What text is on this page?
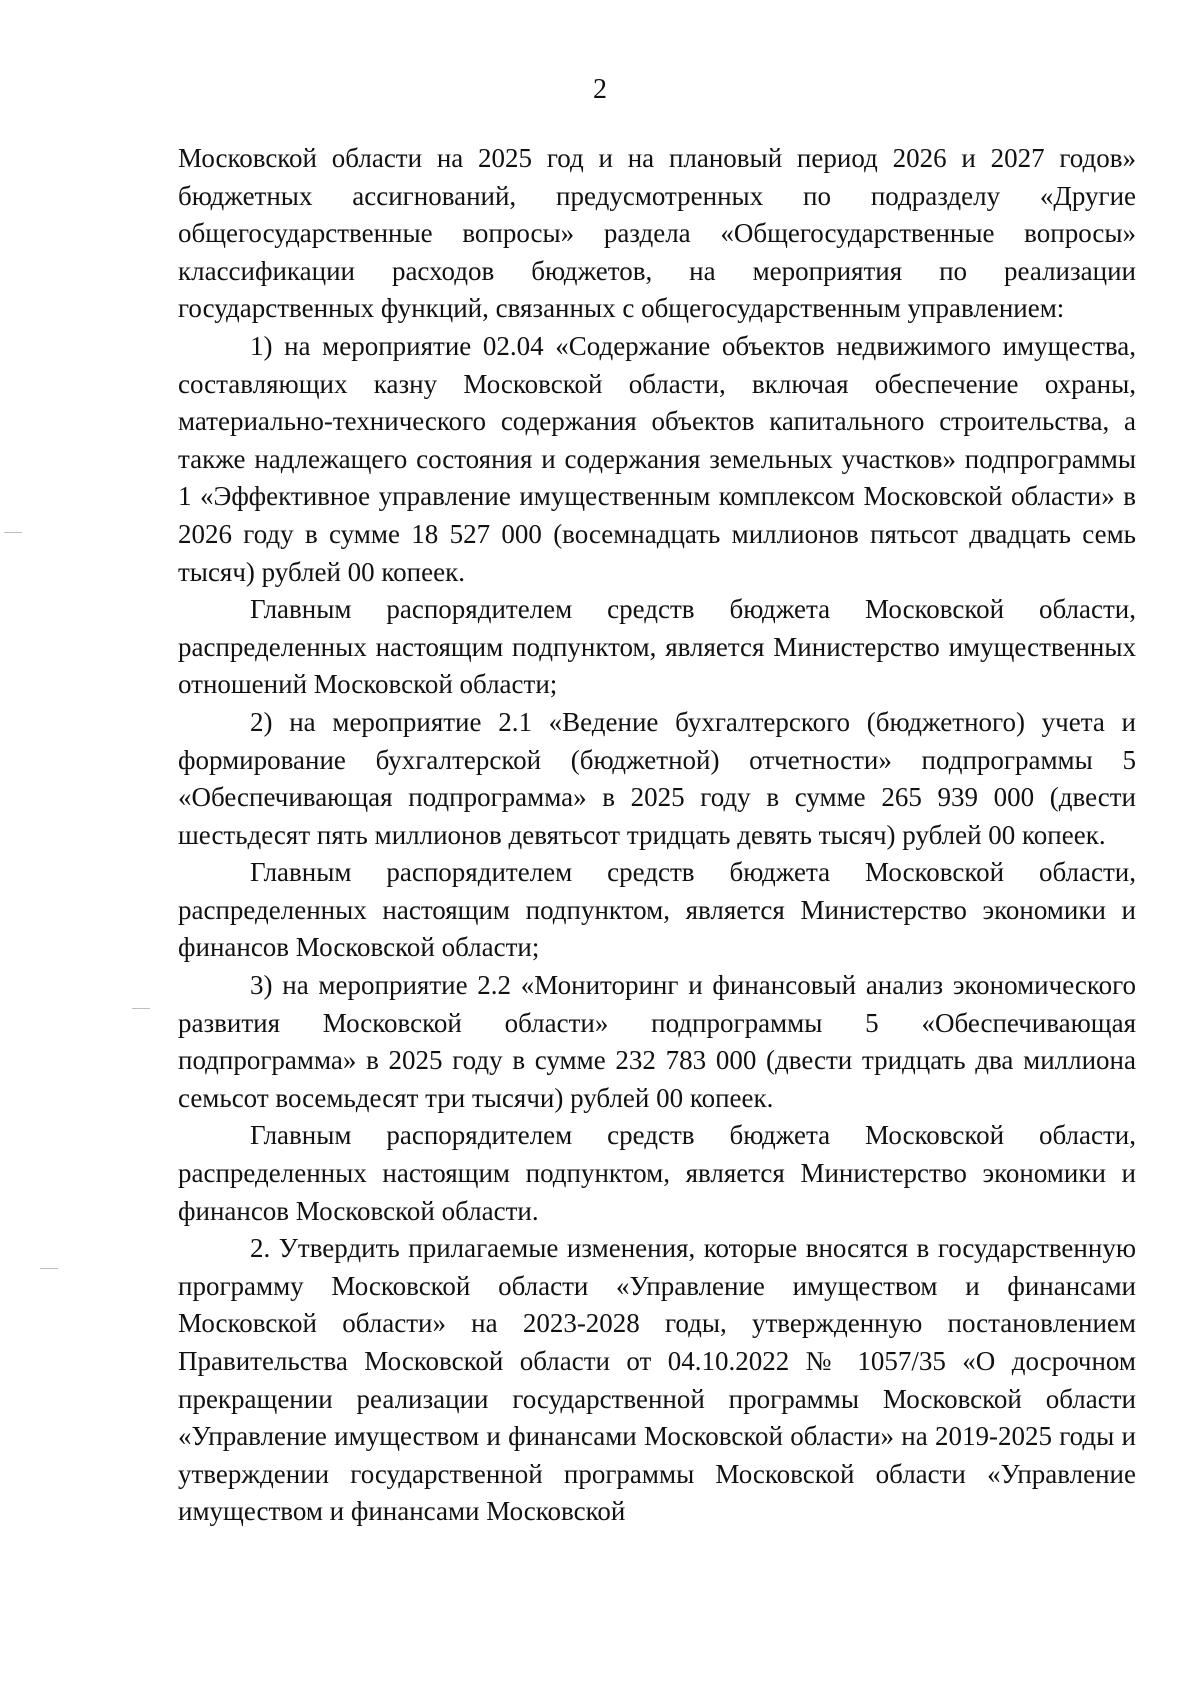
2

Московской области на 2025 год и на плановый период 2026 и 2027 годов» бюджетных ассигнований, предусмотренных по подразделу «Другие общегосударственные вопросы» раздела «Общегосударственные вопросы» классификации расходов бюджетов, на мероприятия по реализации государственных функций, связанных с общегосударственным управлением:

1) на мероприятие 02.04 «Содержание объектов недвижимого имущества, составляющих казну Московской области, включая обеспечение охраны, материально-технического содержания объектов капитального строительства, а также надлежащего состояния и содержания земельных участков» подпрограммы 1 «Эффективное управление имущественным комплексом Московской области» в 2026 году в сумме 18 527 000 (восемнадцать миллионов пятьсот двадцать семь тысяч) рублей 00 копеек.

Главным распорядителем средств бюджета Московской области, распределенных настоящим подпунктом, является Министерство имущественных отношений Московской области;

2) на мероприятие 2.1 «Ведение бухгалтерского (бюджетного) учета и формирование бухгалтерской (бюджетной) отчетности» подпрограммы 5 «Обеспечивающая подпрограмма» в 2025 году в сумме 265 939 000 (двести шестьдесят пять миллионов девятьсот тридцать девять тысяч) рублей 00 копеек.

Главным распорядителем средств бюджета Московской области, распределенных настоящим подпунктом, является Министерство экономики и финансов Московской области;

3) на мероприятие 2.2 «Мониторинг и финансовый анализ экономического развития Московской области» подпрограммы 5 «Обеспечивающая подпрограмма» в 2025 году в сумме 232 783 000 (двести тридцать два миллиона семьсот восемьдесят три тысячи) рублей 00 копеек.

Главным распорядителем средств бюджета Московской области, распределенных настоящим подпунктом, является Министерство экономики и финансов Московской области.

2. Утвердить прилагаемые изменения, которые вносятся в государственную программу Московской области «Управление имуществом и финансами Московской области» на 2023-2028 годы, утвержденную постановлением Правительства Московской области от 04.10.2022 № 1057/35 «О досрочном прекращении реализации государственной программы Московской области «Управление имуществом и финансами Московской области» на 2019-2025 годы и утверждении государственной программы Московской области «Управление имуществом и финансами Московской
